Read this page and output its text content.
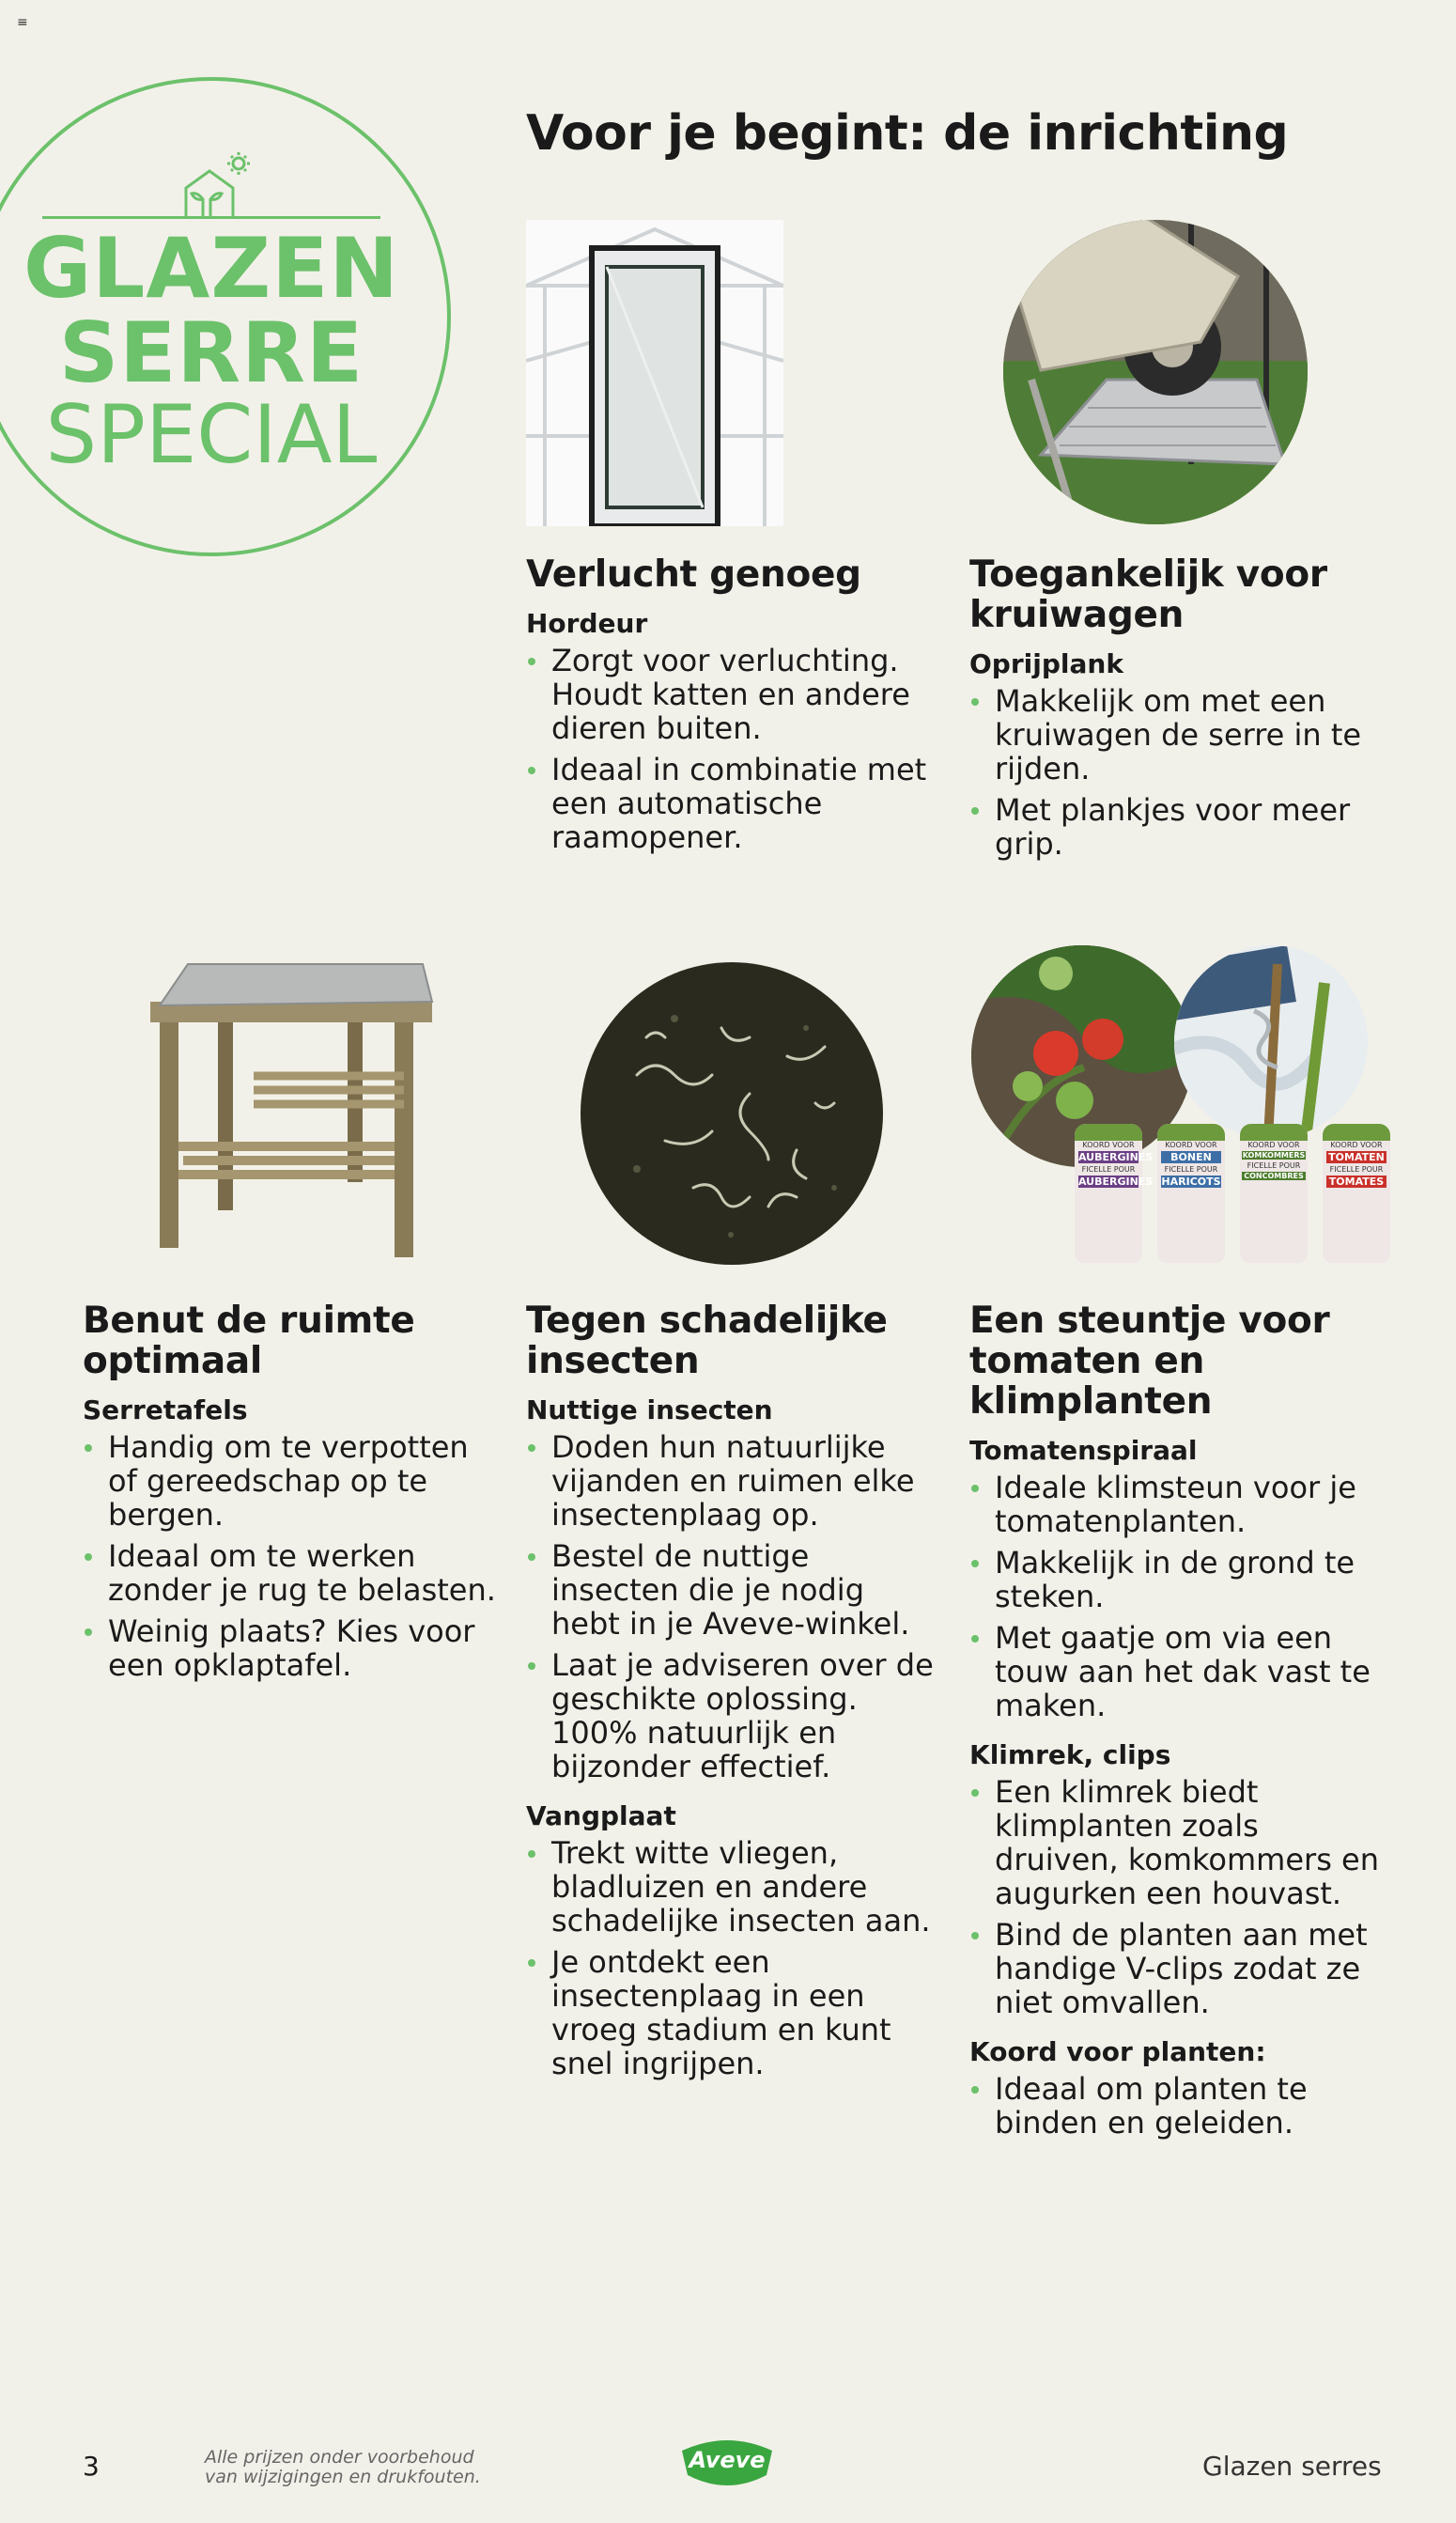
≡
GLAZEN
SERRE
SPECIAL
Voor je begint: de inrichting
Verlucht genoeg
Hordeur
Zorgt voor verluchting. Houdt katten en andere dieren buiten.
Ideaal in combinatie met een automatische raamopener.
Toegankelijk voor kruiwagen
Oprijplank
Makkelijk om met een kruiwagen de serre in te rijden.
Met plankjes voor meer grip.
KOORD VOOR
AUBERGINES
FICELLE POUR
AUBERGINES
KOORD VOOR
BONEN
FICELLE POUR
HARICOTS
KOORD VOOR
KOMKOMMERS
FICELLE POUR
CONCOMBRES
KOORD VOOR
TOMATEN
FICELLE POUR
TOMATES
Benut de ruimte optimaal
Serretafels
Handig om te verpotten of gereedschap op te bergen.
Ideaal om te werken zonder je rug te belasten.
Weinig plaats? Kies voor een opklaptafel.
Tegen schadelijke insecten
Nuttige insecten
Doden hun natuurlijke vijanden en ruimen elke insectenplaag op.
Bestel de nuttige insecten die je nodig hebt in je Aveve-winkel.
Laat je adviseren over de geschikte oplossing. 100% natuurlijk en bijzonder effectief.
Vangplaat
Trekt witte vliegen, bladluizen en andere schadelijke insecten aan.
Je ontdekt een insectenplaag in een vroeg stadium en kunt snel ingrijpen.
Een steuntje voor tomaten en klimplanten
Tomatenspiraal
Ideale klimsteun voor je tomatenplanten.
Makkelijk in de grond te steken.
Met gaatje om via een touw aan het dak vast te maken.
Klimrek, clips
Een klimrek biedt klimplanten zoals druiven, komkommers en augurken een houvast.
Bind de planten aan met handige V-clips zodat ze niet omvallen.
Koord voor planten:
Ideaal om planten te binden en geleiden.
3	Alle prijzen onder voorbehoud
van wijzigingen en drukfouten.
Aveve	Glazen serres
